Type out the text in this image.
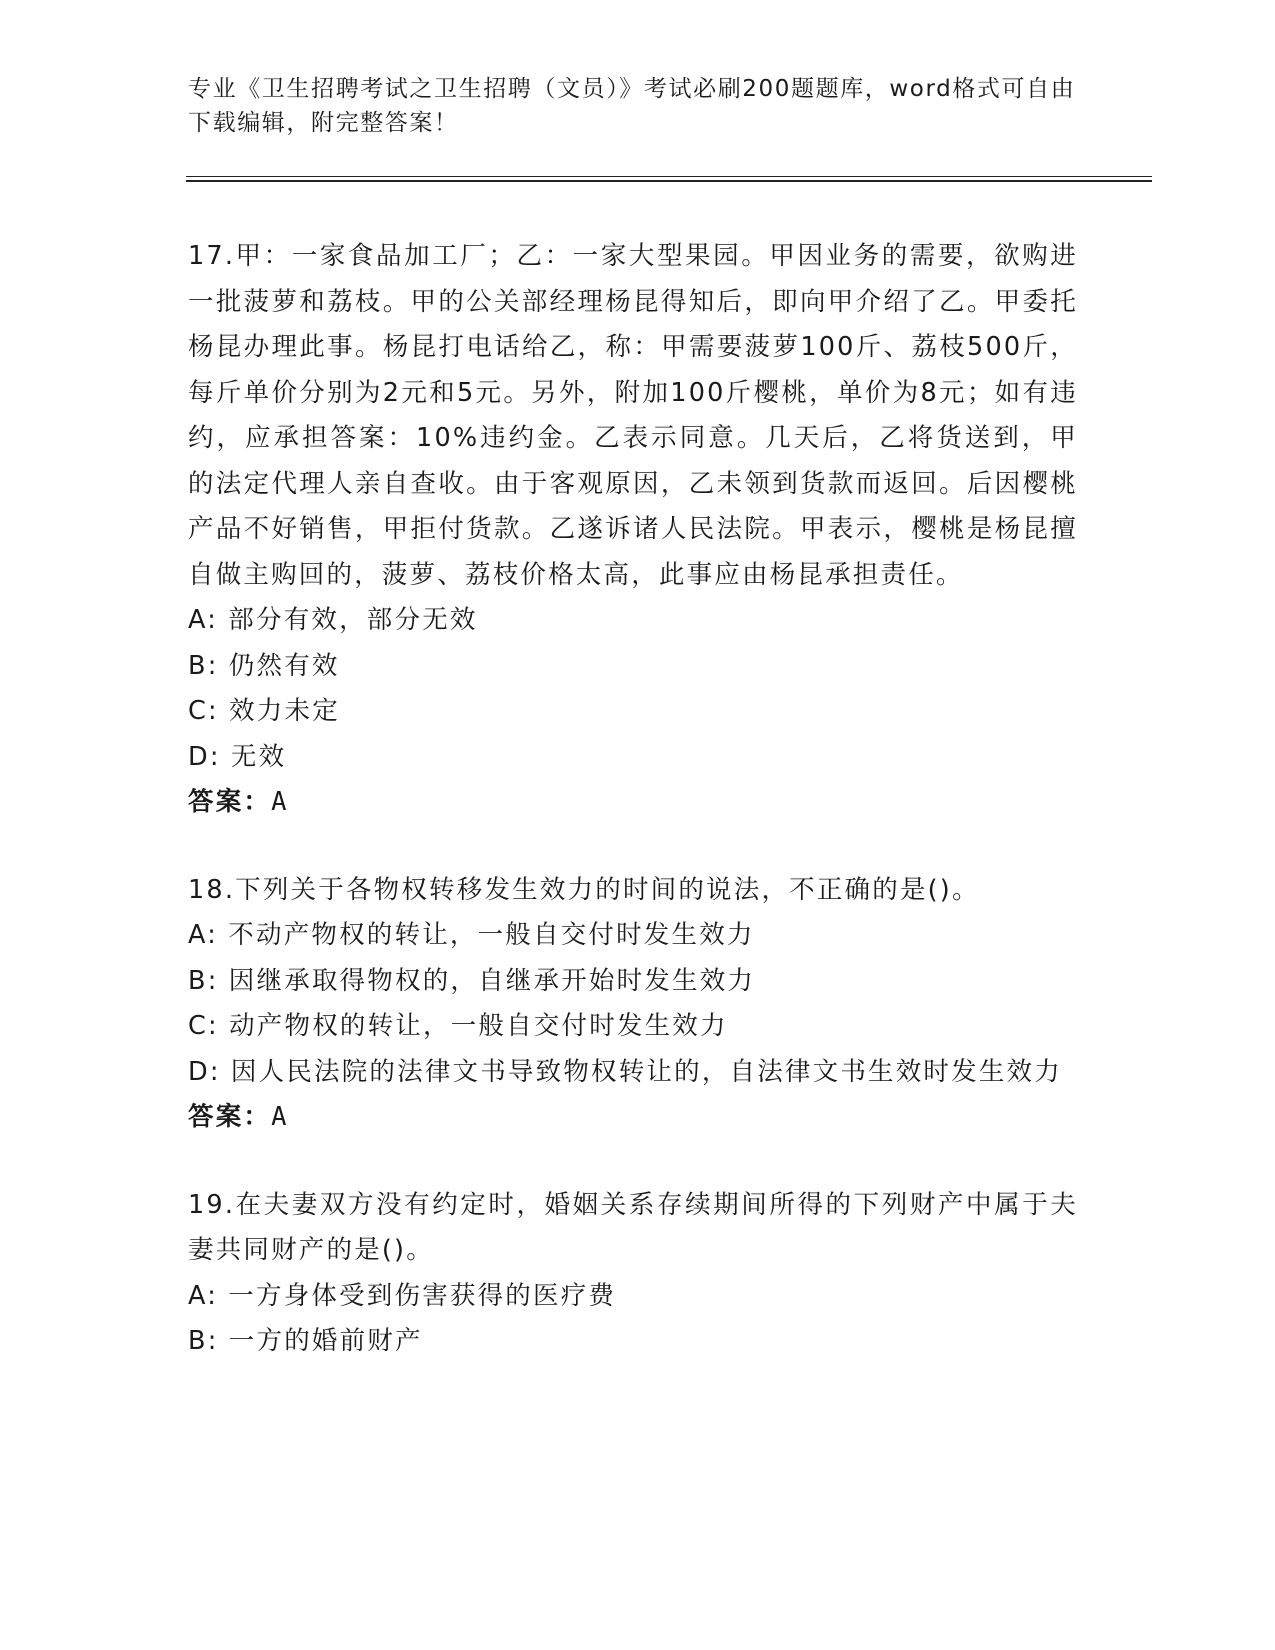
专业《卫生招聘考试之卫生招聘（文员）》考试必刷200题题库，word格式可自由下载编辑，附完整答案！
17.甲：一家食品加工厂；乙：一家大型果园。甲因业务的需要，欲购进一批菠萝和荔枝。甲的公关部经理杨昆得知后，即向甲介绍了乙。甲委托杨昆办理此事。杨昆打电话给乙，称：甲需要菠萝100斤、荔枝500斤，每斤单价分别为2元和5元。另外，附加100斤樱桃，单价为8元；如有违约，应承担答案：10%违约金。乙表示同意。几天后，乙将货送到，甲的法定代理人亲自查收。由于客观原因，乙未领到货款而返回。后因樱桃产品不好销售，甲拒付货款。乙遂诉诸人民法院。甲表示，樱桃是杨昆擅自做主购回的，菠萝、荔枝价格太高，此事应由杨昆承担责任。
A: 部分有效，部分无效
B: 仍然有效
C: 效力未定
D: 无效
答案：A
18.下列关于各物权转移发生效力的时间的说法，不正确的是()。
A: 不动产物权的转让，一般自交付时发生效力
B: 因继承取得物权的，自继承开始时发生效力
C: 动产物权的转让，一般自交付时发生效力
D: 因人民法院的法律文书导致物权转让的，自法律文书生效时发生效力
答案：A
19.在夫妻双方没有约定时，婚姻关系存续期间所得的下列财产中属于夫妻共同财产的是()。
A: 一方身体受到伤害获得的医疗费
B: 一方的婚前财产
